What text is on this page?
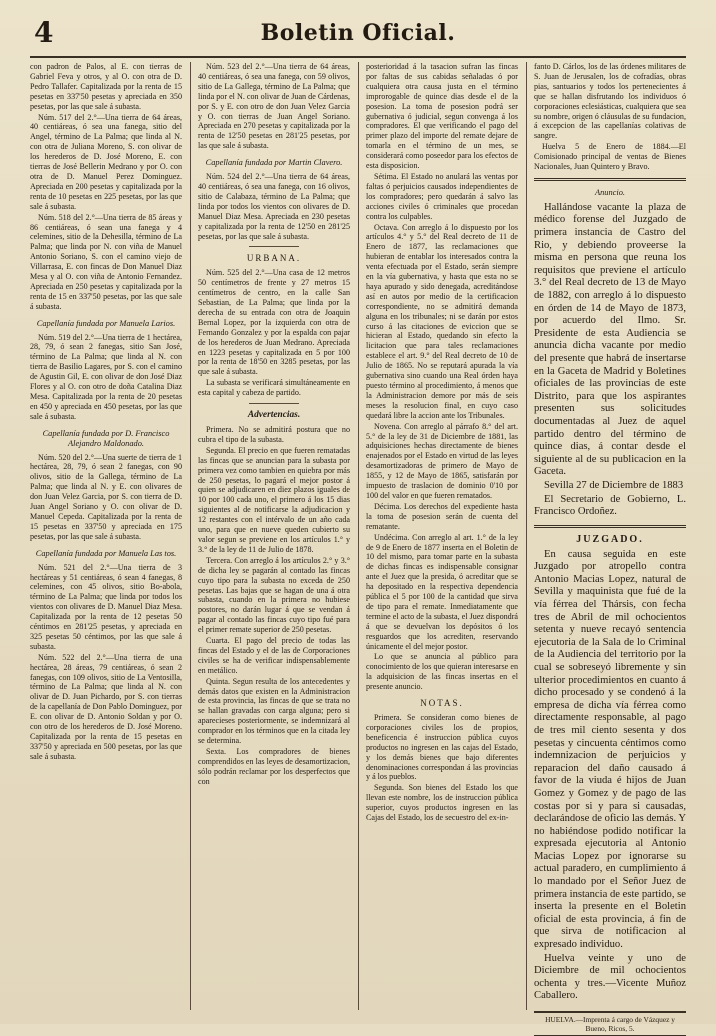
4	Boletin Oficial.

con padron de Palos, al E. con tierras de Gabriel Feva y otros, y al O. con otra de D. Pedro Tallafer. Capitalizada por la renta de 15 pesetas en 337'50 pesetas y apreciada en 350 pesetas, por las que sale á subasta.

Núm. 517 del 2.°—Una tierra de 64 áreas, 40 centiáreas, ó sea una fanega, sitio del Angel, término de La Palma; que linda al N. con otra de Juliana Moreno, S. con olivar de los herederos de D. José Moreno, E. con tierras de José Bellerin Medrano y por O. con otra de D. Manuel Perez Dominguez. Apreciada en 200 pesetas y capitalizada por la renta de 10 pesetas en 225 pesetas, por las que sale á subasta.

Núm. 518 del 2.°—Una tierra de 85 áreas y 86 centiáreas, ó sean una fanega y 4 celemines, sitio de la Dehesilla, término de La Palma; que linda por N. con viña de Manuel Antonio Soriano, S. con el camino viejo de Villarrasa, E. con fincas de Don Manuel Diaz Mesa y al O. con viña de Antonio Fernandez. Apreciada en 250 pesetas y capitalizada por la renta de 15 en 337'50 pesetas, por las que sale á subasta.

Capellanía fundada por Manuela Larios.

Núm. 519 del 2.°—Una tierra de 1 hectárea, 28, 79, ó sean 2 fanegas, sitio San José, término de La Palma; que linda al N. con tierra de Basilio Lagares, por S. con el camino de Agustin Gil, E. con olivar de don José Diaz Flores y al O. con otro de doña Catalina Diaz Mesa. Capitalizada por la renta de 20 pesetas en 450 y apreciada en 450 pesetas, por las que sale á subasta.

Capellanía fundada por D. Francisco Alejandro Maldonado.

Núm. 520 del 2.°—Una suerte de tierra de 1 hectárea, 28, 79, ó sean 2 fanegas, con 90 olivos, sitio de la Gallega, término de La Palma; que linda al N. y E. con olivares de don Juan Velez Garcia, por S. con tierra de D. Juan Angel Soriano y O. con olivar de D. Manuel Cepeda. Capitalizada por la renta de 15 pesetas en 337'50 y apreciada en 175 pesetas, por las que sale á subasta.

Capellanía fundada por Manuela Las tos.

Núm. 521 del 2.°—Una tierra de 3 hectáreas y 51 centiáreas, ó sean 4 fanegas, 8 celemines, con 45 olivos, sitio Bo-abola, término de La Palma; que linda por todos los vientos con olivares de D. Manuel Diaz Mesa. Capitalizada por la renta de 12 pesetas 50 céntimos en 281'25 pesetas, y apreciada en 325 pesetas 50 céntimos, por las que sale á subasta.

Núm. 522 del 2.°—Una tierra de una hectárea, 28 áreas, 79 centiáreas, ó sean 2 fanegas, con 109 olivos, sitio de La Ventosilla, término de La Palma; que linda al N. con olivar de D. Juan Pichardo, por S. con tierras de la capellanía de Don Pablo Dominguez, por E. con olivar de D. Antonio Soldan y por O. con otro de los herederos de D. José Moreno. Capitalizada por la renta de 15 pesetas en 337'50 y apreciada en 500 pesetas, por las que sale á subasta.

Núm. 523 del 2.°—Una tierra de 64 áreas, 40 centiáreas, ó sea una fanega, con 59 olivos, sitio de La Gallega, término de La Palma; que linda por el N. con olivar de Juan de Cárdenas, por S. y E. con otro de don Juan Velez Garcia y O. con tierras de Juan Angel Soriano. Apreciada en 270 pesetas y capitalizada por la renta de 12'50 pesetas en 281'25 pesetas, por las que sale á subasta.

Capellanía fundada por Martin Clavero.

Núm. 524 del 2.°—Una tierra de 64 áreas, 40 centiáreas, ó sea una fanega, con 16 olivos, sitio de Calabaza, término de La Palma; que linda por todos los vientos con olivares de D. Manuel Diaz Mesa. Apreciada en 230 pesetas y capitalizada por la renta de 12'50 en 281'25 pesetas, por las que sale á subasta.

URBANA.

Núm. 525 del 2.°—Una casa de 12 metros 50 centímetros de frente y 27 metros 15 centímetros de centro, en la calle San Sebastian, de La Palma; que linda por la derecha de su entrada con otra de Joaquin Bernal Lopez, por la izquierda con otra de Fernando Gonzalez y por la espalda con pajar de los herederos de Juan Medrano. Apreciada en 1223 pesetas y capitalizada en 5 por 100 por la renta de 18'50 en 3285 pesetas, por las que sale á subasta.

La subasta se verificará simultáneamente en esta capital y cabeza de partido.

Advertencias.

Primera. No se admitirá postura que no cubra el tipo de la subasta.

Segunda. El precio en que fueren rematadas las fincas que se anuncian para la subasta por primera vez como tambien en quiebra por más de 250 pesetas, lo pagará el mejor postor á quien se adjudicaren en diez plazos iguales de 10 por 100 cada uno, el primero á los 15 dias siguientes al de notificarse la adjudicacion y 12 restantes con el intérvalo de un año cada uno, para que en nueve queden cubierto su valor segun se previene en los artículos 1.° y 3.° de la ley de 11 de Julio de 1878.

Tercera. Con arreglo á los artículos 2.° y 3.° de dicha ley se pagarán al contado las fincas cuyo tipo para la subasta no exceda de 250 pesetas. Las bajas que se hagan de una á otra subasta, cuando en la primera no hubiese postores, no darán lugar á que se vendan á pagar al contado las fincas cuyo tipo fué para el primer remate superior de 250 pesetas.

Cuarta. El pago del precio de todas las fincas del Estado y el de las de Corporaciones civiles se ha de verificar indispensablemente en metálico.

Quinta. Segun resulta de los antecedentes y demás datos que existen en la Administracion de esta provincia, las fincas de que se trata no se hallan gravadas con carga alguna; pero si aparecieses posteriormente, se indemnizará al comprador en los términos que en la citada ley se determina.

Sexta. Los compradores de bienes comprendidos en las leyes de desamortizacion, sólo podrán reclamar por los desperfectos que con

posterioridad á la tasacion sufran las fincas por faltas de sus cabidas señaladas ó por cualquiera otra causa justa en el término improrogable de quince dias desde el de la posesion. La toma de posesion podrá ser gubernativa ó judicial, segun convenga á los compradores. El que verificando el pago del primer plazo del importe del remate dejare de tomarla en el término de un mes, se considerará como poseedor para los efectos de esta disposicion.

Sétima. El Estado no anulará las ventas por faltas ó perjuicios causados independientes de los compradores; pero quedarán á salvo las acciones civiles ó criminales que procedan contra los culpables.

Octava. Con arreglo á lo dispuesto por los artículos 4.° y 5.° del Real decreto de 11 de Enero de 1877, las reclamaciones que hubieran de entablar los interesados contra la venta efectuada por el Estado, serán siempre en la vía gubernativa, y hasta que esta no se haya apurado y sido denegada, acreditándose así en autos por medio de la certificacion correspondiente, no se admitirá demanda alguna en los tribunales; ni se darán por estos curso á las citaciones de eviccion que se hicieran al Estado, quedando sin efecto la licitacion que para tales reclamaciones establece el art. 9.° del Real decreto de 10 de Julio de 1865. No se reputará apurada la vía gubernativa sino cuando una Real órden haya puesto término al procedimiento, á menos que la Administracion demore por más de seis meses la resolucion final, en cuyo caso quedará libre la accion ante los Tribunales.

Novena. Con arreglo al párrafo 8.° del art. 5.° de la ley de 31 de Diciembre de 1881, las adquisiciones hechas directamente de bienes enajenados por el Estado en virtud de las leyes desamortizadoras de primero de Mayo de 1855, y 12 de Mayo de 1865, satisfarán por impuesto de traslacion de dominio 0'10 por 100 del valor en que fueren rematados.

Décima. Los derechos del expediente hasta la toma de posesion serán de cuenta del rematante.

Undécima. Con arreglo al art. 1.° de la ley de 9 de Enero de 1877 inserta en el Boletin de 10 del mismo, para tomar parte en la subasta de dichas fincas es indispensable consignar ante el Juez que la presida, ó acreditar que se ha depositado en la respectiva dependencia pública el 5 por 100 de la cantidad que sirva de tipo para el remate. Inmediatamente que termine el acto de la subasta, el Juez dispondrá á que se devuelvan los depósitos ó los resguardos que los acrediten, reservando únicamente el del mejor postor.

Lo que se anuncia al público para conocimiento de los que quieran interesarse en la adquisicion de las fincas insertas en el presente anuncio.

NOTAS.

Primera. Se consideran como bienes de corporaciones civiles los de propios, beneficencia é instruccion pública cuyos productos no ingresen en las cajas del Estado, y los demás bienes que bajo diferentes denominaciones correspondan á las provincias y á los pueblos.

Segunda. Son bienes del Estado los que llevan este nombre, los de instruccion pública superior, cuyos productos ingresen en las Cajas del Estado, los de secuestro del ex-in-

fanto D. Cárlos, los de las órdenes militares de S. Juan de Jerusalen, los de cofradías, obras pias, santuarios y todos los pertenecientes á que se hallan disfrutando los individuos ó corporaciones eclesiásticas, cualquiera que sea su nombre, origen ó cláusulas de su fundacion, á excepcion de las capellanías colativas de sangre.

Huelva 5 de Enero de 1884.—El Comisionado principal de ventas de Bienes Nacionales, Juan Quintero y Bravo.

Anuncio.

Hallándose vacante la plaza de médico forense del Juzgado de primera instancia de Castro del Rio, y debiendo proveerse la misma en persona que reuna los requisitos que previene el artículo 3.° del Real decreto de 13 de Mayo de 1882, con arreglo á lo dispuesto en órden de 14 de Mayo de 1873, por acuerdo del Ilmo. Sr. Presidente de esta Audiencia se anuncia dicha vacante por medio del presente que habrá de insertarse en la Gaceta de Madrid y Boletines oficiales de las provincias de este Distrito, para que los aspirantes presenten sus solicitudes documentadas al Juez de aquel partido dentro del término de quince dias, á contar desde el siguiente al de su publicacion en la Gaceta.

Sevilla 27 de Diciembre de 1883

El Secretario de Gobierno, L. Francisco Ordoñez.

JUZGADO.

En causa seguida en este Juzgado por atropello contra Antonio Macias Lopez, natural de Sevilla y maquinista que fué de la vía férrea del Thársis, con fecha tres de Abril de mil ochocientos setenta y nueve recayó sentencia ejecutoria de la Sala de lo Criminal de la Audiencia del territorio por la cual se sobreseyó libremente y sin ulterior procedimientos en cuanto á dicho procesado y se condenó á la empresa de dicha vía férrea como directamente responsable, al pago de tres mil ciento sesenta y dos pesetas y cincuenta céntimos como indemnizacion de perjuicios y reparacion del daño causado á favor de la viuda é hijos de Juan Gomez y Gomez y de pago de las costas por si y para si causadas, declarándose de oficio las demás. Y no habiéndose podido notificar la expresada ejecutoria al Antonio Macias Lopez por ignorarse su actual paradero, en cumplimiento á lo mandado por el Señor Juez de primera instancia de este partido, se inserta la presente en el Boletin oficial de esta provincia, á fin de que sirva de notificacion al expresado individuo.

Huelva veinte y uno de Diciembre de mil ochocientos ochenta y tres.—Vicente Muñoz Caballero.

HUELVA.—Imprenta á cargo de Vázquez y Bueno, Ricos, 5.
